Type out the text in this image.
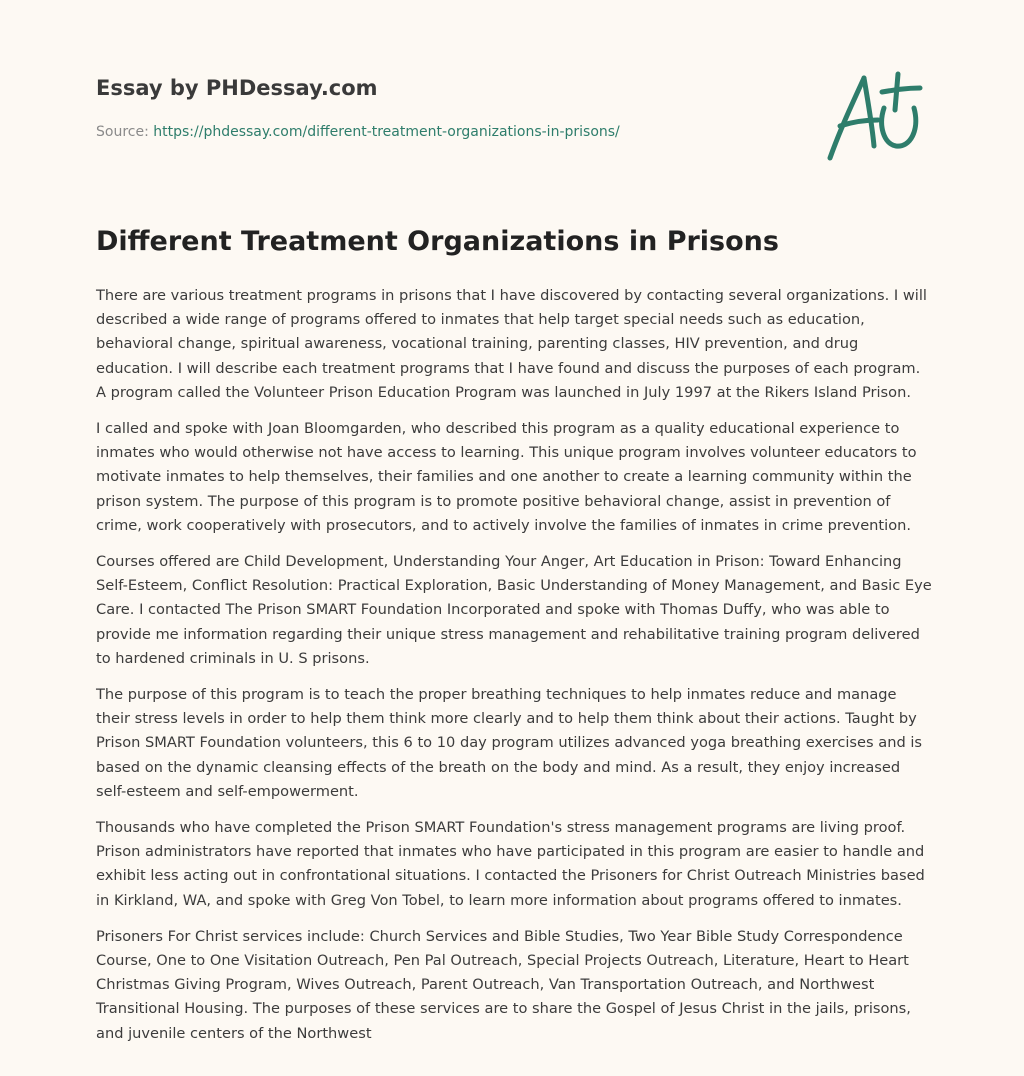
Essay by PHDessay.com
Source: https://phdessay.com/different-treatment-organizations-in-prisons/
Different Treatment Organizations in Prisons

There are various treatment programs in prisons that I have discovered by contacting several organizations. I will described a wide range of programs offered to inmates that help target special needs such as education, behavioral change, spiritual awareness, vocational training, parenting classes, HIV prevention, and drug education. I will describe each treatment programs that I have found and discuss the purposes of each program. A program called the Volunteer Prison Education Program was launched in July 1997 at the Rikers Island Prison.

I called and spoke with Joan Bloomgarden, who described this program as a quality educational experience to inmates who would otherwise not have access to learning. This unique program involves volunteer educators to motivate inmates to help themselves, their families and one another to create a learning community within the prison system. The purpose of this program is to promote positive behavioral change, assist in prevention of crime, work cooperatively with prosecutors, and to actively involve the families of inmates in crime prevention.

Courses offered are Child Development, Understanding Your Anger, Art Education in Prison: Toward Enhancing Self-Esteem, Conflict Resolution: Practical Exploration, Basic Understanding of Money Management, and Basic Eye Care. I contacted The Prison SMART Foundation Incorporated and spoke with Thomas Duffy, who was able to provide me information regarding their unique stress management and rehabilitative training program delivered to hardened criminals in U. S prisons.

The purpose of this program is to teach the proper breathing techniques to help inmates reduce and manage their stress levels in order to help them think more clearly and to help them think about their actions. Taught by Prison SMART Foundation volunteers, this 6 to 10 day program utilizes advanced yoga breathing exercises and is based on the dynamic cleansing effects of the breath on the body and mind. As a result, they enjoy increased self-esteem and self-empowerment.

Thousands who have completed the Prison SMART Foundation's stress management programs are living proof. Prison administrators have reported that inmates who have participated in this program are easier to handle and exhibit less acting out in confrontational situations. I contacted the Prisoners for Christ Outreach Ministries based in Kirkland, WA, and spoke with Greg Von Tobel, to learn more information about programs offered to inmates.

Prisoners For Christ services include: Church Services and Bible Studies, Two Year Bible Study Correspondence Course, One to One Visitation Outreach, Pen Pal Outreach, Special Projects Outreach, Literature, Heart to Heart Christmas Giving Program, Wives Outreach, Parent Outreach, Van Transportation Outreach, and Northwest Transitional Housing. The purposes of these services are to share the Gospel of Jesus Christ in the jails, prisons, and juvenile centers of the Northwest
